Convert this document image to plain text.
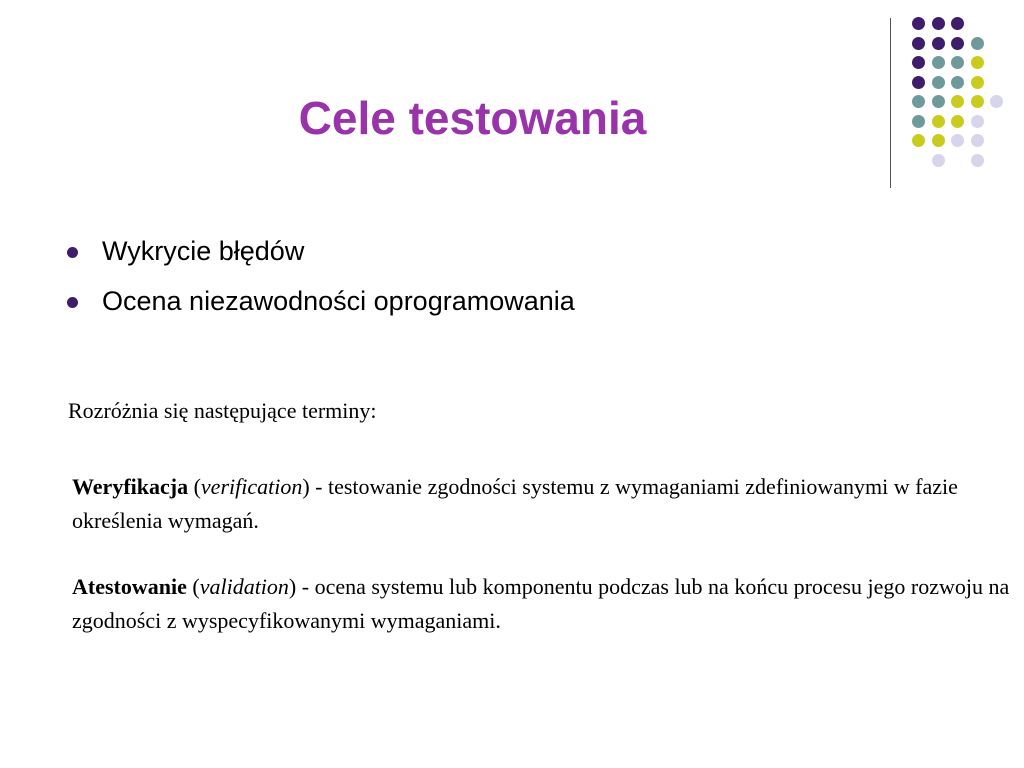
Cele testowania
Wykrycie błędów
Ocena niezawodności oprogramowania
Rozróżnia się następujące terminy:

Weryfikacja (verification) - testowanie zgodności systemu z wymaganiami zdefiniowanymi w fazie określenia wymagań.

Atestowanie (validation) - ocena systemu lub komponentu podczas lub na końcu procesu jego rozwoju na zgodności z wyspecyfikowanymi wymaganiami.
